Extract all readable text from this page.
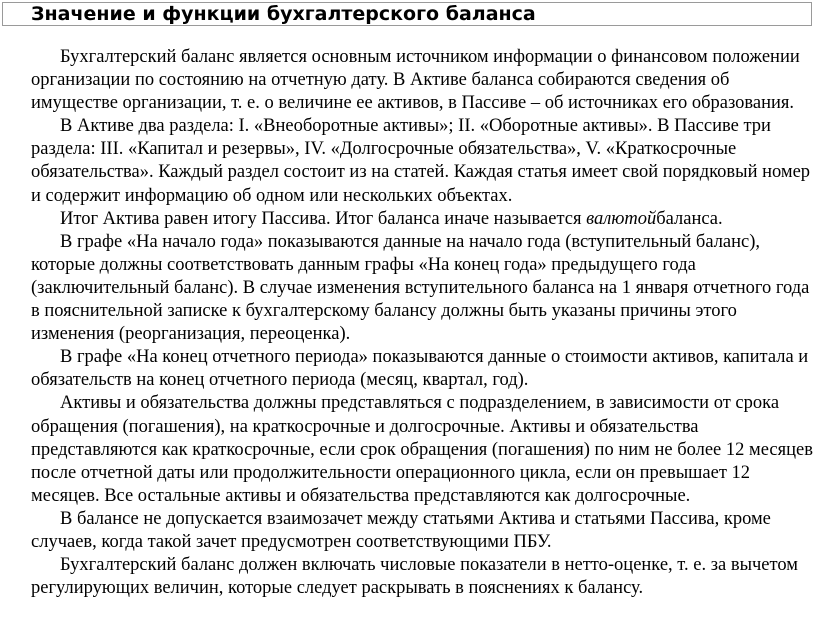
Значение и функции бухгалтерского баланса

Бухгалтерский баланс является основным источником информации о финансовом положении организации по состоянию на отчетную дату. В Активе баланса собираются сведения об имуществе организации, т. е. о величине ее активов, в Пассиве – об источниках его образования.

В Активе два раздела: I. «Внеоборотные активы»; II. «Оборотные активы». В Пассиве три раздела: III. «Капитал и резервы», IV. «Долгосрочные обязательства», V. «Краткосрочные обязательства». Каждый раздел состоит из на статей. Каждая статья имеет свой порядковый номер и содержит информацию об одном или нескольких объектах.

Итог Актива равен итогу Пассива. Итог баланса иначе называется валютойбаланса.

В графе «На начало года» показываются данные на начало года (вступительный баланс), которые должны соответствовать данным графы «На конец года» предыдущего года (заключительный баланс). В случае изменения вступительного баланса на 1 января отчетного года в пояснительной записке к бухгалтерскому балансу должны быть указаны причины этого изменения (реорганизация, переоценка).

В графе «На конец отчетного периода» показываются данные о стоимости активов, капитала и обязательств на конец отчетного периода (месяц, квартал, год).

Активы и обязательства должны представляться с подразделением, в зависимости от срока обращения (погашения), на краткосрочные и долгосрочные. Активы и обязательства представляются как краткосрочные, если срок обращения (погашения) по ним не более 12 месяцев после отчетной даты или продолжительности операционного цикла, если он превышает 12 месяцев. Все остальные активы и обязательства представляются как долгосрочные.

В балансе не допускается взаимозачет между статьями Актива и статьями Пассива, кроме случаев, когда такой зачет предусмотрен соответствующими ПБУ.

Бухгалтерский баланс должен включать числовые показатели в нетто-оценке, т. е. за вычетом регулирующих величин, которые следует раскрывать в пояснениях к балансу.
